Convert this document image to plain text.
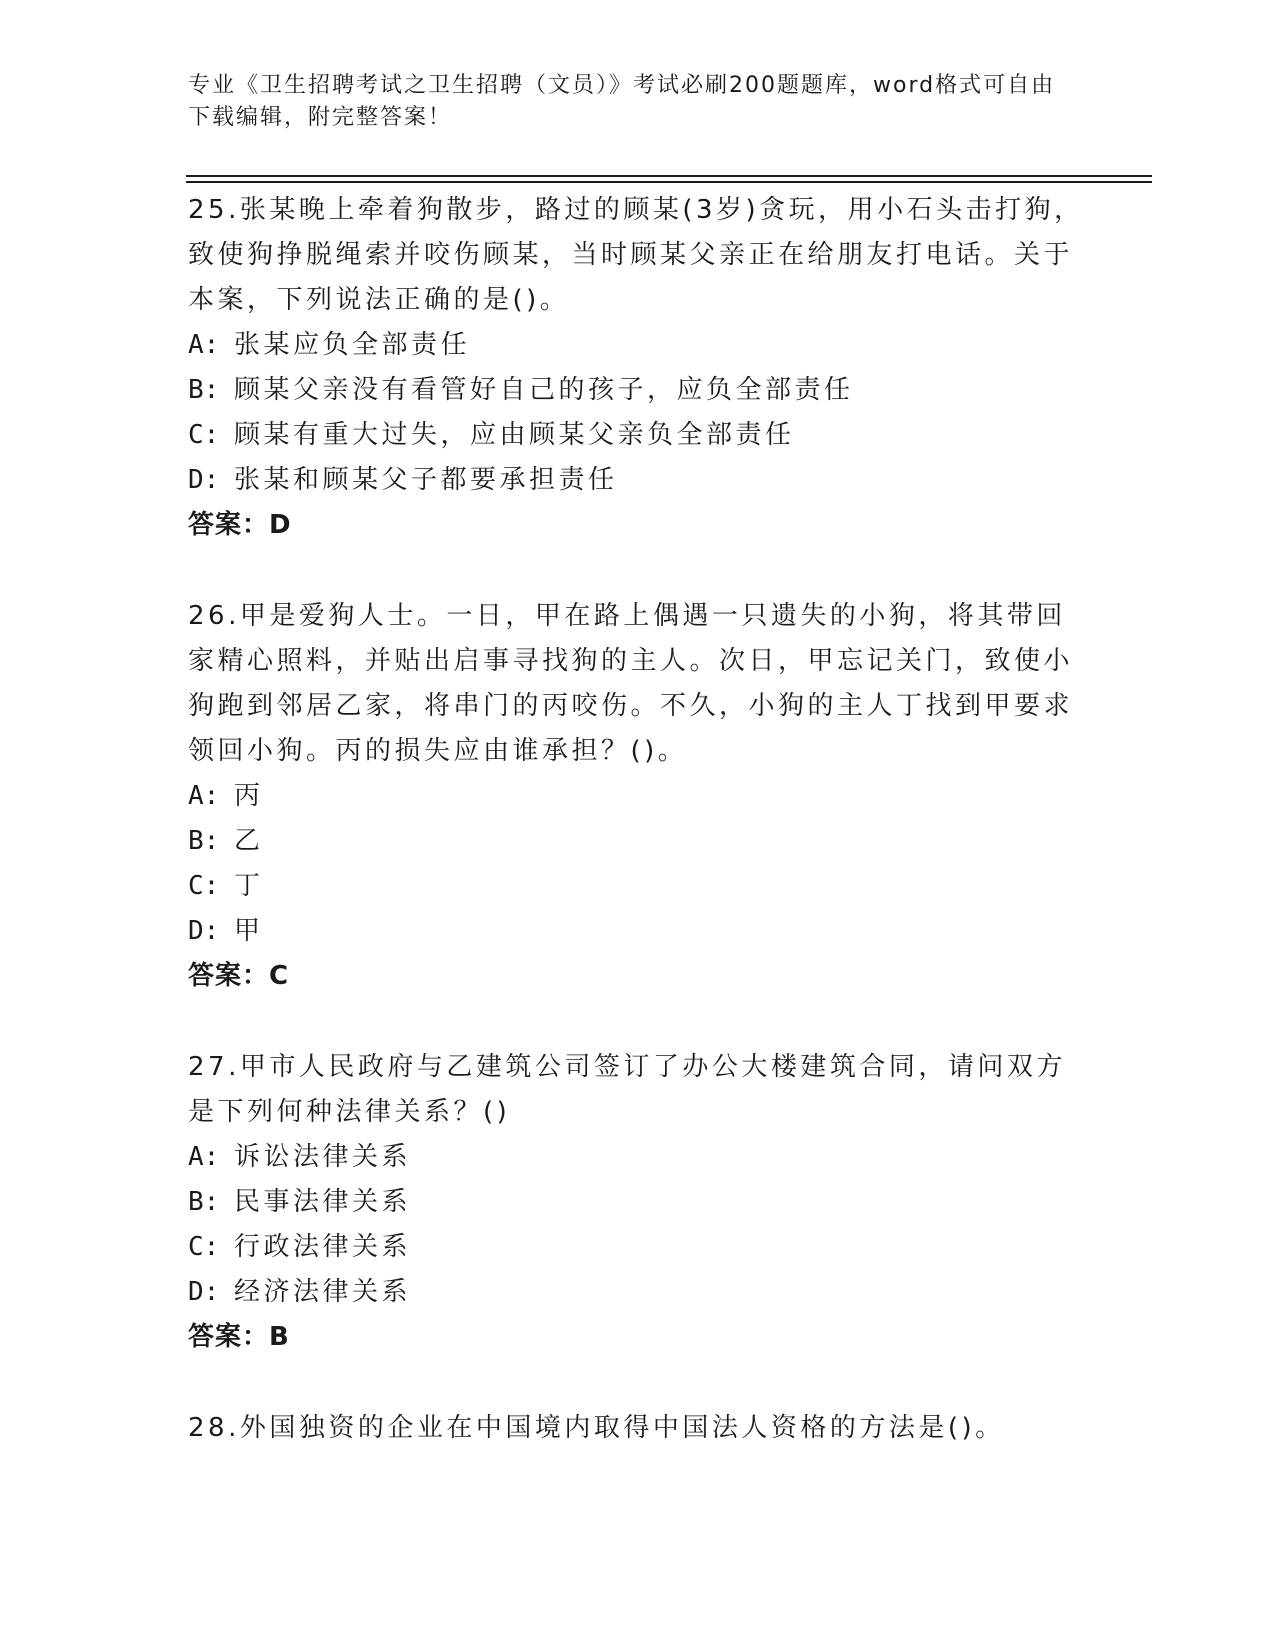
专业《卫生招聘考试之卫生招聘（文员）》考试必刷200题题库，word格式可自由下载编辑，附完整答案！
25.张某晚上牵着狗散步，路过的顾某(3岁)贪玩，用小石头击打狗，致使狗挣脱绳索并咬伤顾某，当时顾某父亲正在给朋友打电话。关于本案，下列说法正确的是()。
A: 张某应负全部责任
B: 顾某父亲没有看管好自己的孩子，应负全部责任
C: 顾某有重大过失，应由顾某父亲负全部责任
D: 张某和顾某父子都要承担责任
答案：D
26.甲是爱狗人士。一日，甲在路上偶遇一只遗失的小狗，将其带回家精心照料，并贴出启事寻找狗的主人。次日，甲忘记关门，致使小狗跑到邻居乙家，将串门的丙咬伤。不久，小狗的主人丁找到甲要求领回小狗。丙的损失应由谁承担？()。
A: 丙
B: 乙
C: 丁
D: 甲
答案：C
27.甲市人民政府与乙建筑公司签订了办公大楼建筑合同，请问双方是下列何种法律关系？()
A: 诉讼法律关系
B: 民事法律关系
C: 行政法律关系
D: 经济法律关系
答案：B
28.外国独资的企业在中国境内取得中国法人资格的方法是()。
